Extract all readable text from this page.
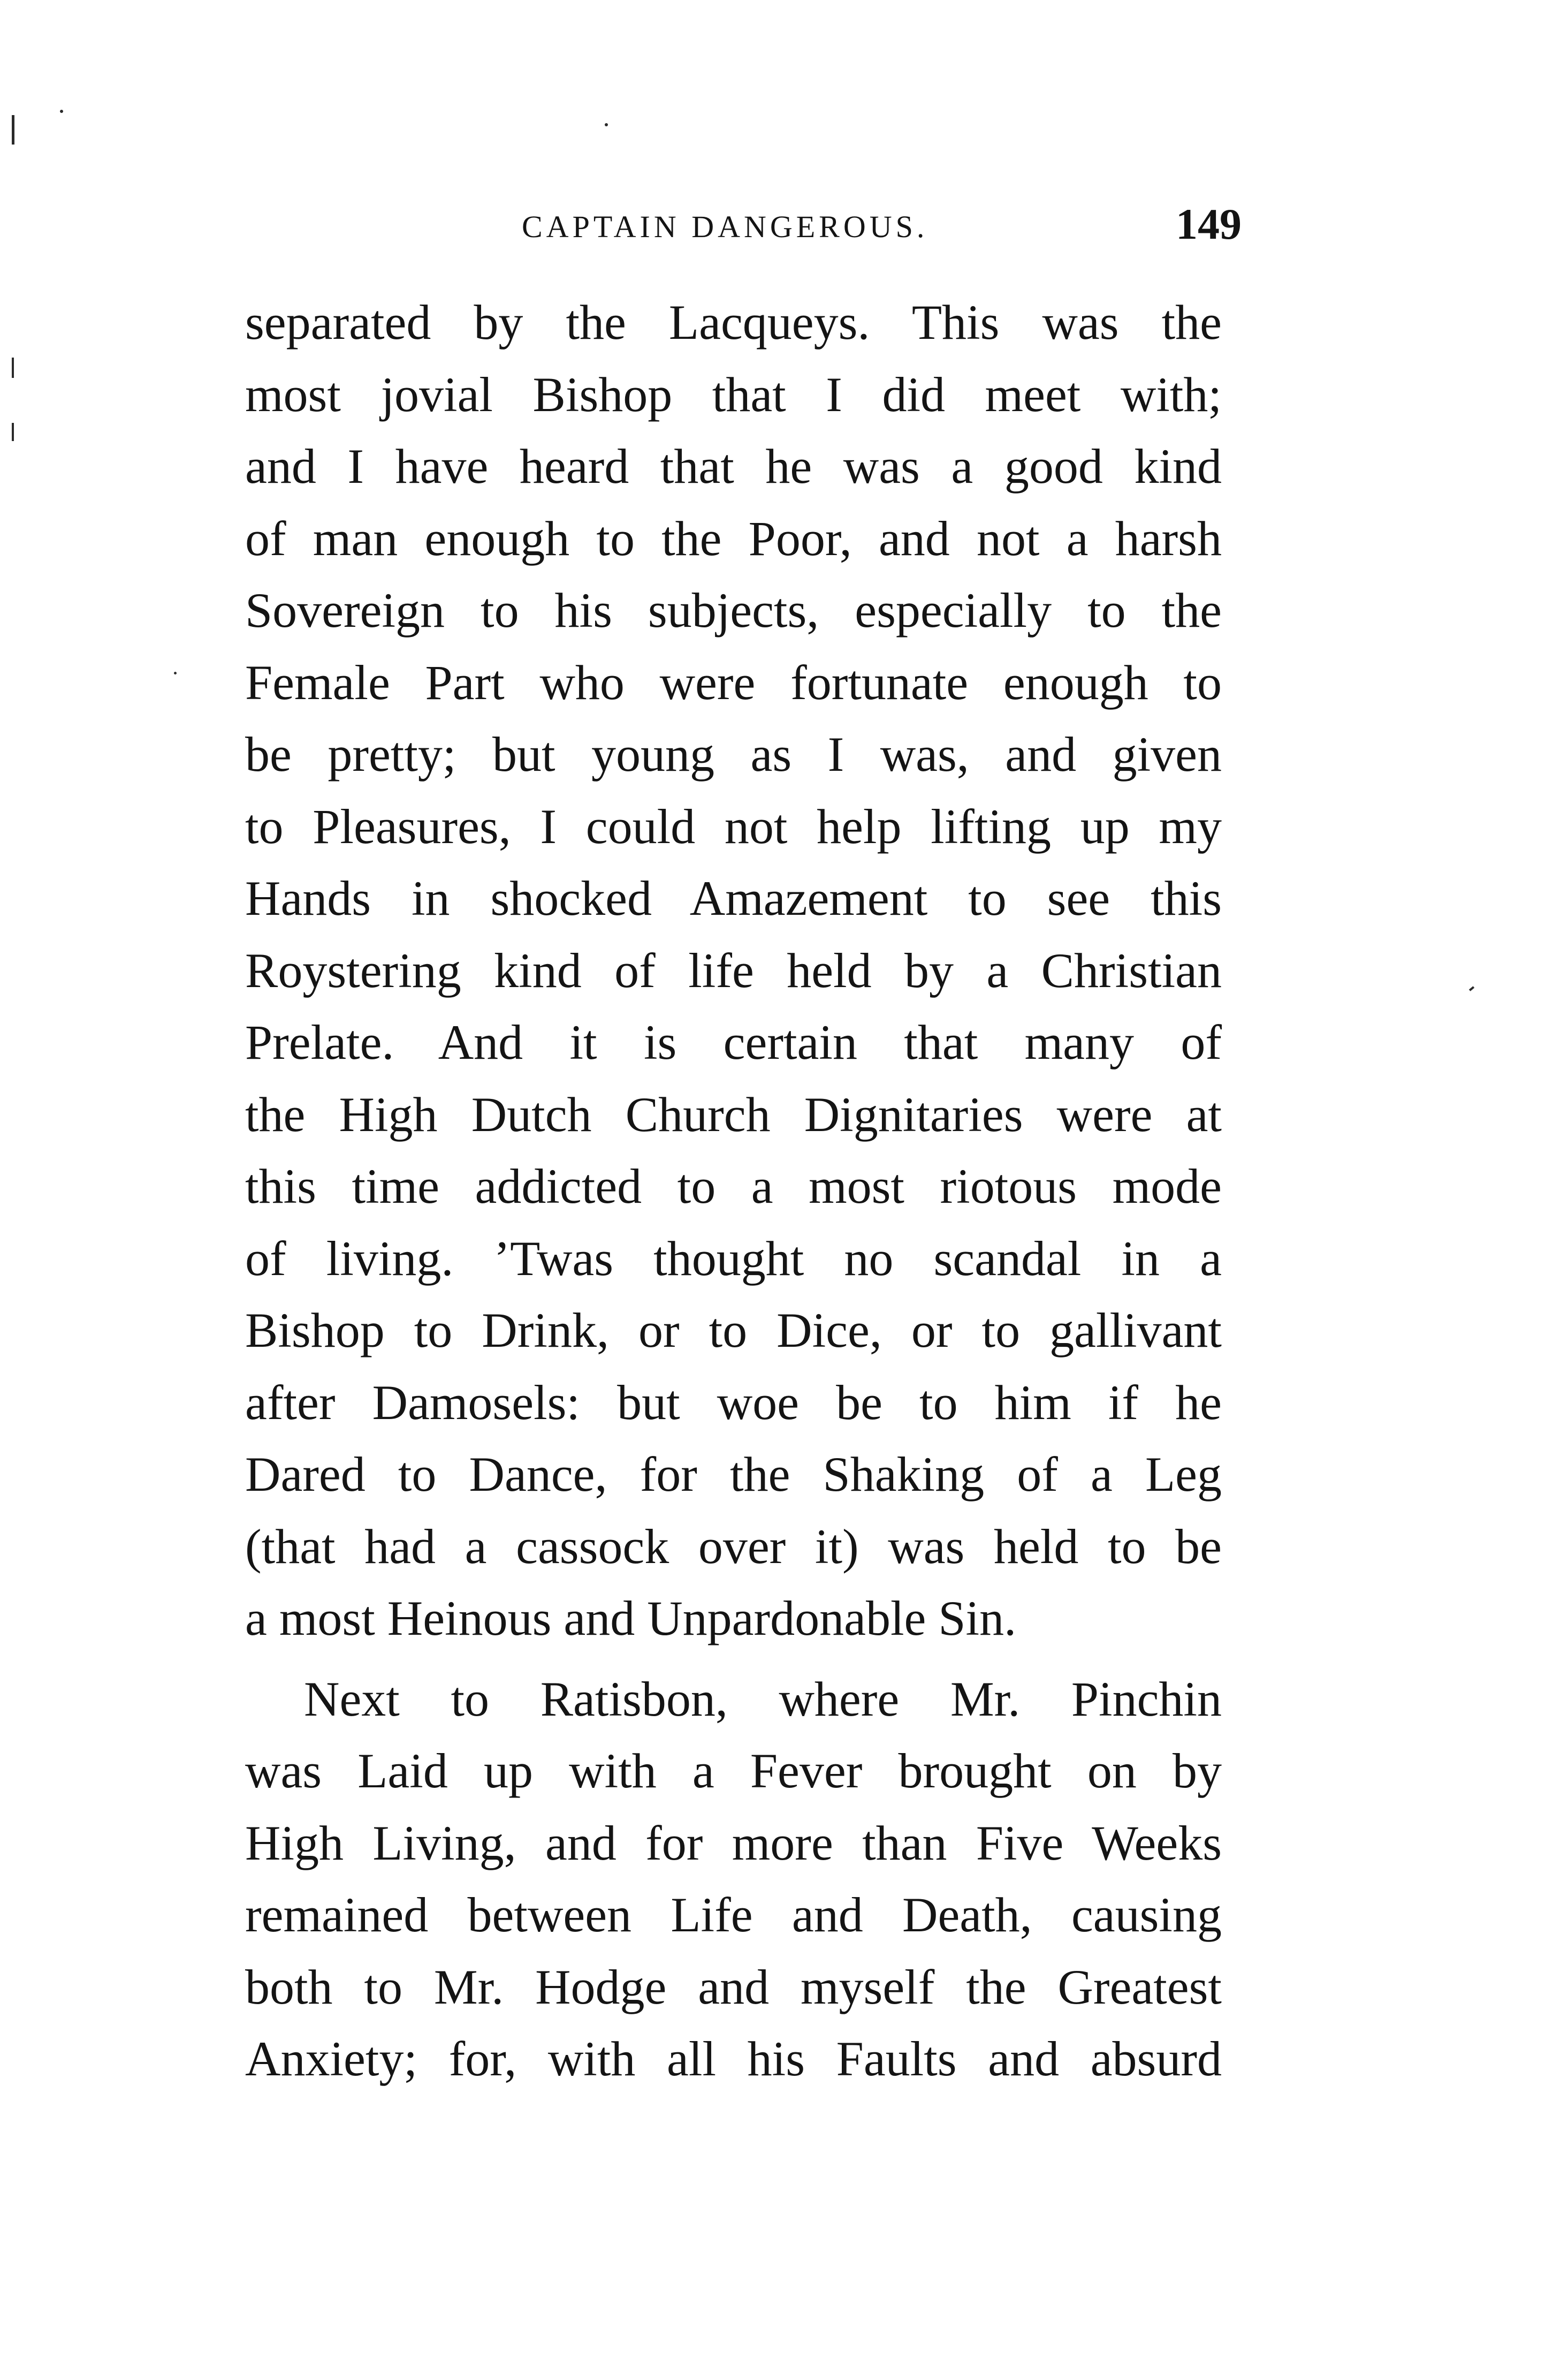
CAPTAIN DANGEROUS.	149
separated by the Lacqueys. This was the
most jovial Bishop that I did meet with;
and I have heard that he was a good kind
of man enough to the Poor, and not a harsh
Sovereign to his subjects, especially to the
Female Part who were fortunate enough to
be pretty; but young as I was, and given
to Pleasures, I could not help lifting up my
Hands in shocked Amazement to see this
Roystering kind of life held by a Christian
Prelate. And it is certain that many of
the High Dutch Church Dignitaries were at
this time addicted to a most riotous mode
of living. ’Twas thought no scandal in a
Bishop to Drink, or to Dice, or to gallivant
after Damosels: but woe be to him if he
Dared to Dance, for the Shaking of a Leg
(that had a cassock over it) was held to be
a most Heinous and Unpardonable Sin.
Next to Ratisbon, where Mr. Pinchin
was Laid up with a Fever brought on by
High Living, and for more than Five Weeks
remained between Life and Death, causing
both to Mr. Hodge and myself the Greatest
Anxiety; for, with all his Faults and absurd
